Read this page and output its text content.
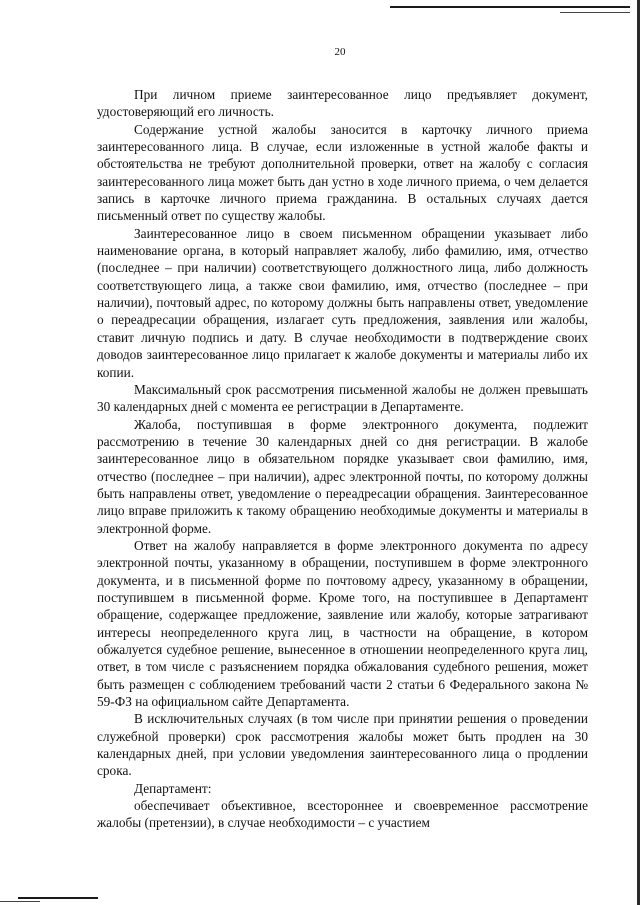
20

При личном приеме заинтересованное лицо предъявляет документ, удостоверяющий его личность.

Содержание устной жалобы заносится в карточку личного приема заинтересованного лица. В случае, если изложенные в устной жалобе факты и обстоятельства не требуют дополнительной проверки, ответ на жалобу с согласия заинтересованного лица может быть дан устно в ходе личного приема, о чем делается запись в карточке личного приема гражданина. В остальных случаях дается письменный ответ по существу жалобы.

Заинтересованное лицо в своем письменном обращении указывает либо наименование органа, в который направляет жалобу, либо фамилию, имя, отчество (последнее – при наличии) соответствующего должностного лица, либо должность соответствующего лица, а также свои фамилию, имя, отчество (последнее – при наличии), почтовый адрес, по которому должны быть направлены ответ, уведомление о переадресации обращения, излагает суть предложения, заявления или жалобы, ставит личную подпись и дату. В случае необходимости в подтверждение своих доводов заинтересованное лицо прилагает к жалобе документы и материалы либо их копии.

Максимальный срок рассмотрения письменной жалобы не должен превышать 30 календарных дней с момента ее регистрации в Департаменте.

Жалоба, поступившая в форме электронного документа, подлежит рассмотрению в течение 30 календарных дней со дня регистрации. В жалобе заинтересованное лицо в обязательном порядке указывает свои фамилию, имя, отчество (последнее – при наличии), адрес электронной почты, по которому должны быть направлены ответ, уведомление о переадресации обращения. Заинтересованное лицо вправе приложить к такому обращению необходимые документы и материалы в электронной форме.

Ответ на жалобу направляется в форме электронного документа по адресу электронной почты, указанному в обращении, поступившем в форме электронного документа, и в письменной форме по почтовому адресу, указанному в обращении, поступившем в письменной форме. Кроме того, на поступившее в Департамент обращение, содержащее предложение, заявление или жалобу, которые затрагивают интересы неопределенного круга лиц, в частности на обращение, в котором обжалуется судебное решение, вынесенное в отношении неопределенного круга лиц, ответ, в том числе с разъяснением порядка обжалования судебного решения, может быть размещен с соблюдением требований части 2 статьи 6 Федерального закона № 59-ФЗ на официальном сайте Департамента.

В исключительных случаях (в том числе при принятии решения о проведении служебной проверки) срок рассмотрения жалобы может быть продлен на 30 календарных дней, при условии уведомления заинтересованного лица о продлении срока.

Департамент:

обеспечивает объективное, всестороннее и своевременное рассмотрение жалобы (претензии), в случае необходимости – с участием
